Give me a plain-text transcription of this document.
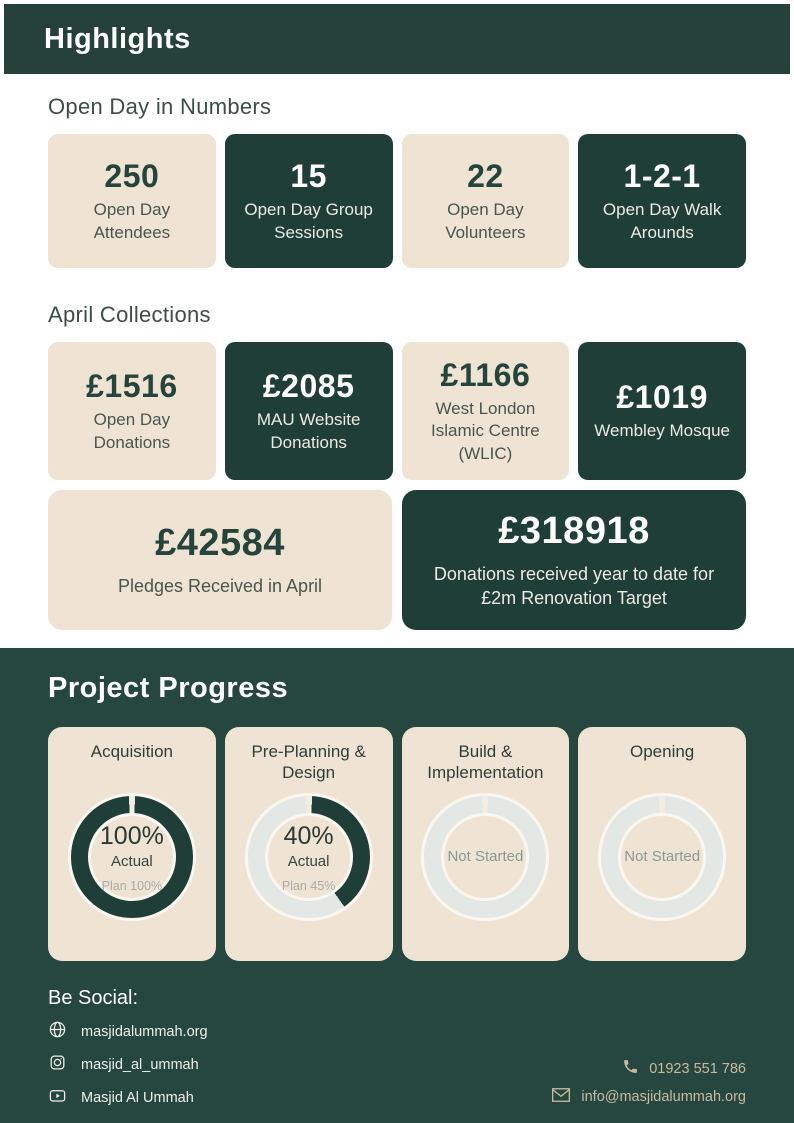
Highlights
Open Day in Numbers
250
Open Day Attendees
15
Open Day Group Sessions
22
Open Day Volunteers
1-2-1
Open Day Walk Arounds
April Collections
£1516
Open Day Donations
£2085
MAU Website Donations
£1166
West London Islamic Centre (WLIC)
£1019
Wembley Mosque
£42584
Pledges Received in April
£318918
Donations received year to date for £2m Renovation Target
Project Progress
Acquisition
100%
Actual
Plan 100%
Pre-Planning & Design
40%
Actual
Plan 45%
Build & Implementation
Not Started
Opening
Not Started
Be Social:
masjidalummah.org
masjid_al_ummah
Masjid Al Ummah
01923 551 786
info@masjidalummah.org
